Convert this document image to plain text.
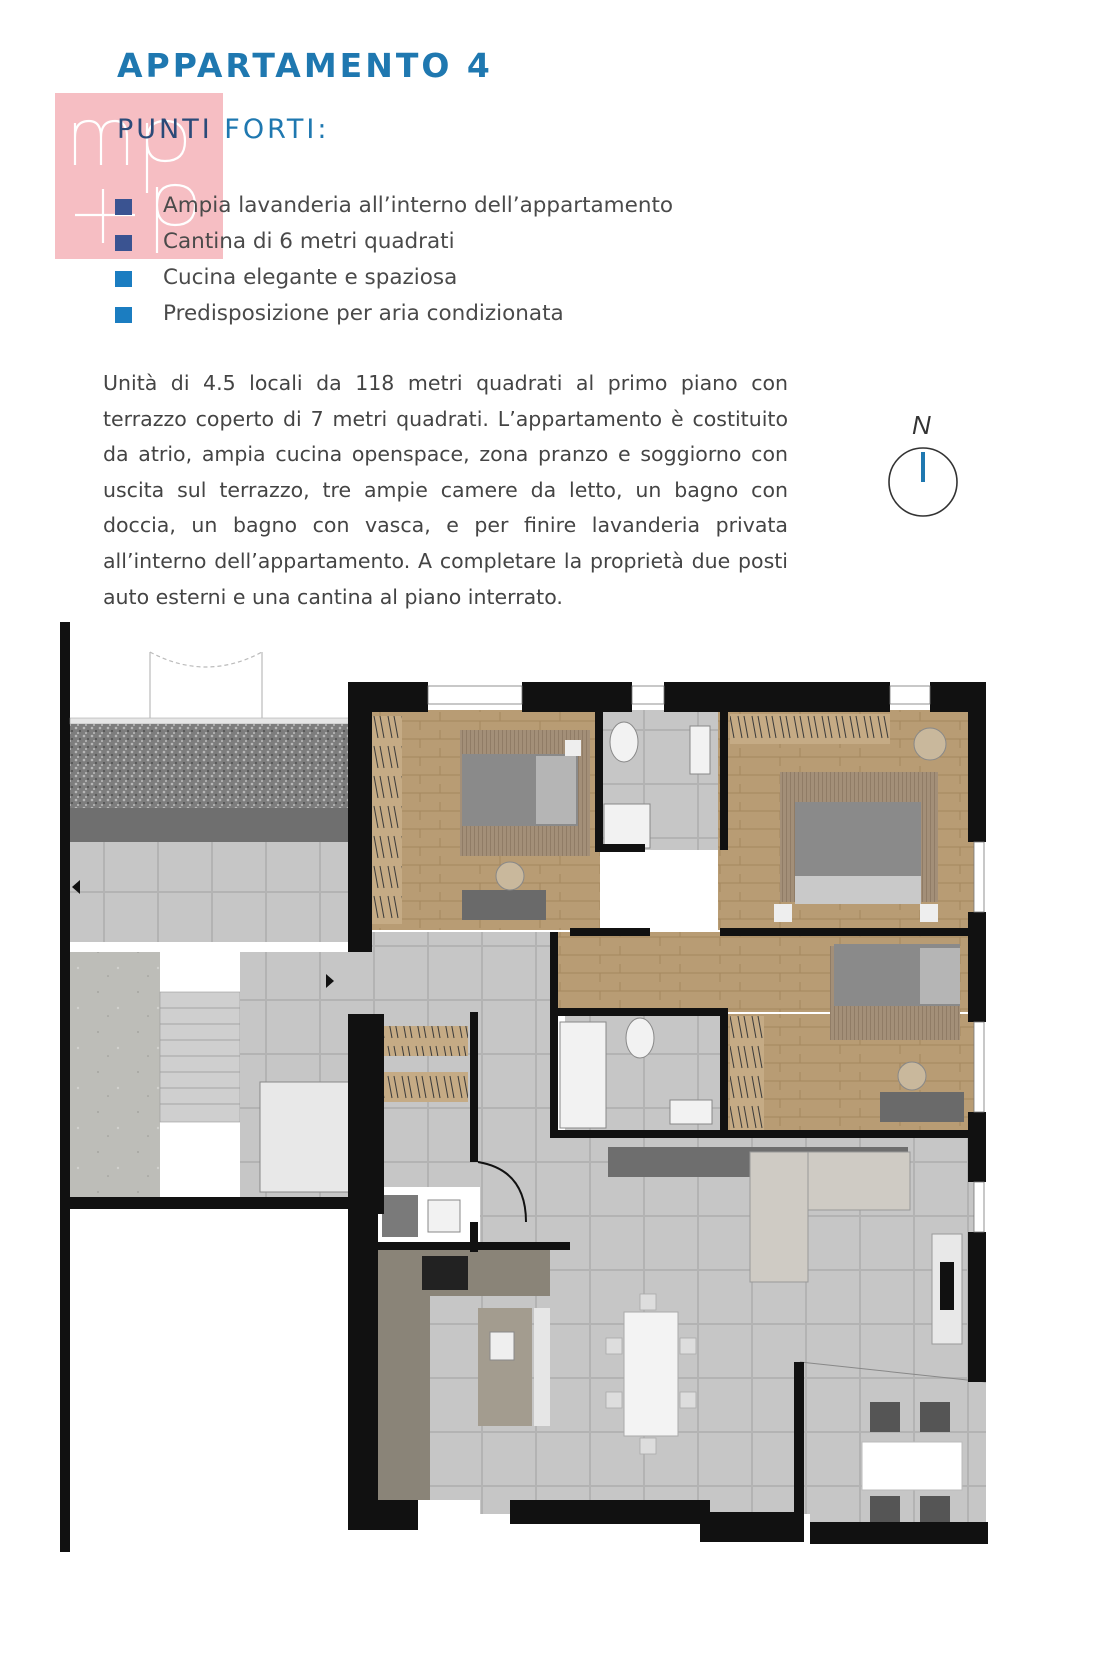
APPARTAMENTO 4
PUNTI FORTI:
Ampia lavanderia all’interno dell’appartamento
Cantina di 6 metri quadrati
Cucina elegante e spaziosa
Predisposizione per aria condizionata
Unità di 4.5 locali da 118 metri quadrati al primo piano con terrazzo coperto di 7 metri quadrati. L’appartamento è costituito da atrio, ampia cucina openspace, zona pranzo e soggiorno con uscita sul terrazzo, tre ampie camere da letto, un bagno con doccia, un bagno con vasca, e per finire lavanderia privata all’interno dell’appartamento. A completare la proprietà due posti auto esterni e una cantina al piano interrato.
N
